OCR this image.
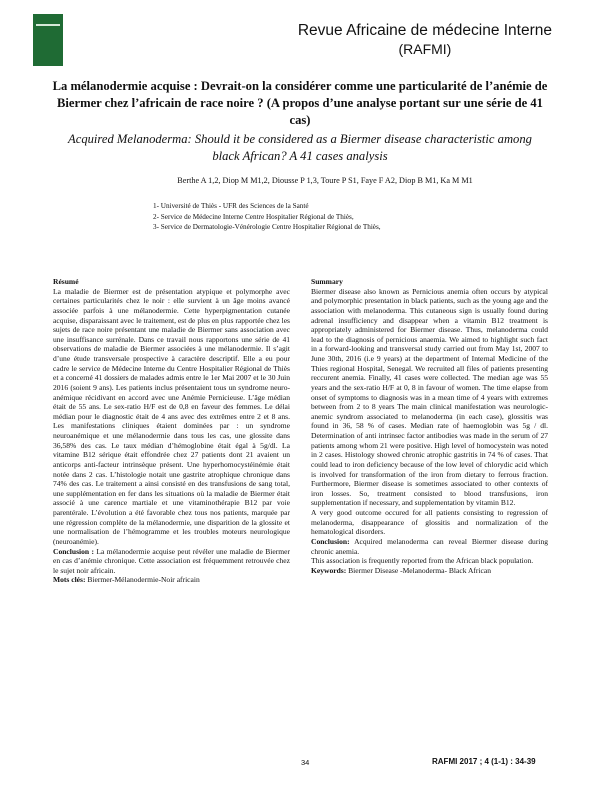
Revue Africaine de médecine Interne
(RAFMI)
La mélanodermie acquise : Devrait-on la considérer comme une particularité de l’anémie de Biermer chez l’africain de race noire ? (A propos d’une analyse portant sur une série de 41 cas)
Acquired Melanoderma: Should it be considered as a Biermer disease characteristic among black African? A 41 cases analysis
Berthe A 1,2, Diop M M1,2, Diousse P 1,3, Toure P S1, Faye F A2, Diop B M1, Ka M M1
1- Université de Thiès - UFR des Sciences de la Santé
2- Service de Médecine Interne Centre Hospitalier Régional de Thiès,
3- Service de Dermatologie-Vénérologie Centre Hospitalier Régional de Thiès,

Résumé

La maladie de Biermer est de présentation atypique et polymorphe avec certaines particularités chez le noir : elle survient à un âge moins avancé associée parfois à une mélanodermie. Cette hyperpigmentation cutanée acquise, disparaissant avec le traitement, est de plus en plus rapportée chez les sujets de race noire présentant une maladie de Biermer sans association avec une insuffisance surrénale. Dans ce travail nous rapportons une série de 41 observations de maladie de Biermer associées à une mélanodermie. Il s’agit d’une étude transversale prospective à caractère descriptif. Elle a eu pour cadre le service de Médecine Interne du Centre Hospitalier Régional de Thiès et a concerné 41 dossiers de malades admis entre le 1er Mai 2007 et le 30 Juin 2016 (soient 9 ans). Les patients inclus présentaient tous un syndrome neuro-anémique récidivant en accord avec une Anémie Pernicieuse. L’âge médian était de 55 ans. Le sex-ratio H/F est de 0,8 en faveur des femmes. Le délai médian pour le diagnostic était de 4 ans avec des extrêmes entre 2 et 8 ans. Les manifestations cliniques étaient dominées par : un syndrome neuroanémique et une mélanodermie dans tous les cas, une glossite dans 36,58% des cas. Le taux médian d’hémoglobine était égal à 5g/dl. La vitamine B12 sérique était effondrée chez 27 patients dont 21 avaient un anticorps anti-facteur intrinsèque présent. Une hyperhomocystéinémie était notée dans 2 cas. L’histologie notait une gastrite atrophique chronique dans 74% des cas. Le traitement a ainsi consisté en des transfusions de sang total, une supplémentation en fer dans les situations où la maladie de Biermer était associé à une carence martiale et une vitaminothérapie B12 par voie parentérale. L’évolution a été favorable chez tous nos patients, marquée par une régression complète de la mélanodermie, une disparition de la glossite et une normalisation de l’hémogramme et les troubles moteurs neurologique (neuroanémie).

Conclusion : La mélanodermie acquise peut révéler une maladie de Biermer en cas d’anémie chronique. Cette association est fréquemment retrouvée chez le sujet noir africain.

Mots clés: Biermer-Mélanodermie-Noir africain

Summary

Biermer disease also known as Pernicious anemia often occurs by atypical and polymorphic presentation in black patients, such as the young age and the association with melanoderma. This cutaneous sign is usually found during adrenal insufficiency and disappear when a vitamin B12 treatment is appropriately administered for Biermer disease. Thus, melanoderma could lead to the diagnosis of pernicious anaemia. We aimed to highlight such fact in a forward-looking and transversal study carried out from May 1st, 2007 to June 30th, 2016 (i.e 9 years) at the department of Internal Medicine of the Thies regional Hospital, Senegal. We recruited all files of patients presenting reccurent anemia. Finally, 41 cases were collected. The median age was 55 years and the sex-ratio H/F at 0, 8 in favour of women. The time elapse from onset of symptoms to diagnosis was in a mean time of 4 years with extremes between from 2 to 8 years The main clinical manifestation was neurologic-anemic syndrom associated to melanoderma (in each case), glossitis was found in 36, 58 % of cases. Median rate of haemoglobin was 5g / dl. Determination of anti intrinsec factor antibodies was made in the serum of 27 patients among whom 21 were positive. High level of homocystein was noted in 2 cases. Histology showed chronic atrophic gastritis in 74 % of cases. That could lead to iron deficiency because of the low level of chlorydic acid which is involved for transformation of the iron from dietary to ferrous fraction. Furthermore, Biermer disease is sometimes associated to other contexts of iron losses. So, treatment consisted to blood transfusions, iron supplementation if necessary, and supplementation by vitamin B12.

A very good outcome occured for all patients consisting to regression of melanoderma, disappearance of glossitis and normalization of the hematological disorders.

Conclusion: Acquired melanoderma can reveal Biermer disease during chronic anemia.

This association is frequently reported from the African black population.

Keywords: Biermer Disease -Melanoderma- Black African

34	RAFMI 2017 ; 4 (1-1) : 34-39
